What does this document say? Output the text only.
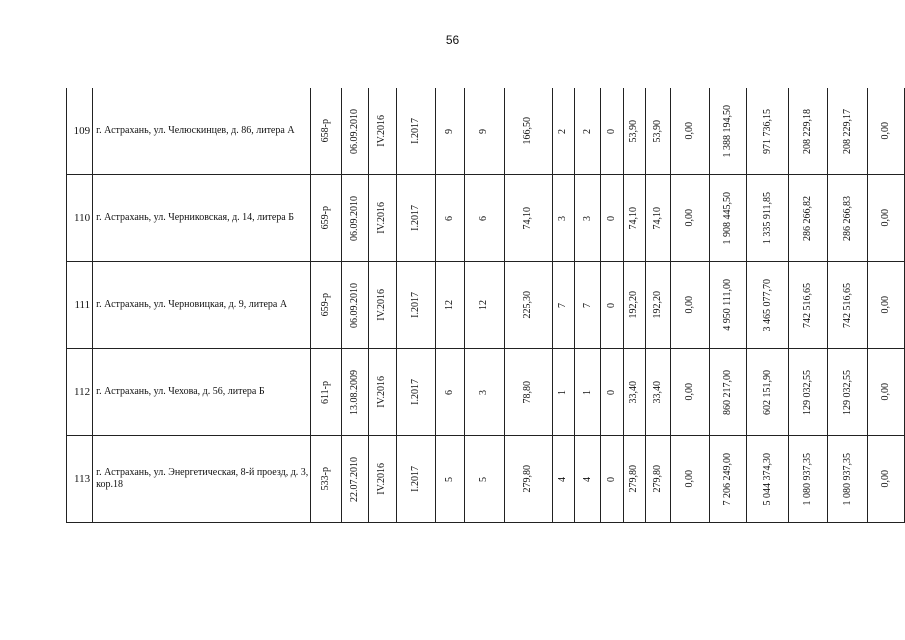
56
109	г. Астрахань, ул. Челюскинцев, д. 86, литера А	658-р	06.09.2010	IV.2016	I.2017	9	9	166,50	2	2	0	53,90	53,90	0,00	1 388 194,50	971 736,15	208 229,18	208 229,17	0,00

110	г. Астрахань, ул. Черниковская, д. 14, литера Б	659-р	06.09.2010	IV.2016	I.2017	6	6	74,10	3	3	0	74,10	74,10	0,00	1 908 445,50	1 335 911,85	286 266,82	286 266,83	0,00

111	г. Астрахань, ул. Черновицкая, д. 9, литера А	659-р	06.09.2010	IV.2016	I.2017	12	12	225,30	7	7	0	192,20	192,20	0,00	4 950 111,00	3 465 077,70	742 516,65	742 516,65	0,00

112	г. Астрахань, ул. Чехова, д. 56, литера Б	611-р	13.08.2009	IV.2016	I.2017	6	3	78,80	1	1	0	33,40	33,40	0,00	860 217,00	602 151,90	129 032,55	129 032,55	0,00

113	г. Астрахань, ул. Энергетическая, 8-й проезд, д. 3, кор.18	533-р	22.07.2010	IV.2016	I.2017	5	5	279,80	4	4	0	279,80	279,80	0,00	7 206 249,00	5 044 374,30	1 080 937,35	1 080 937,35	0,00
